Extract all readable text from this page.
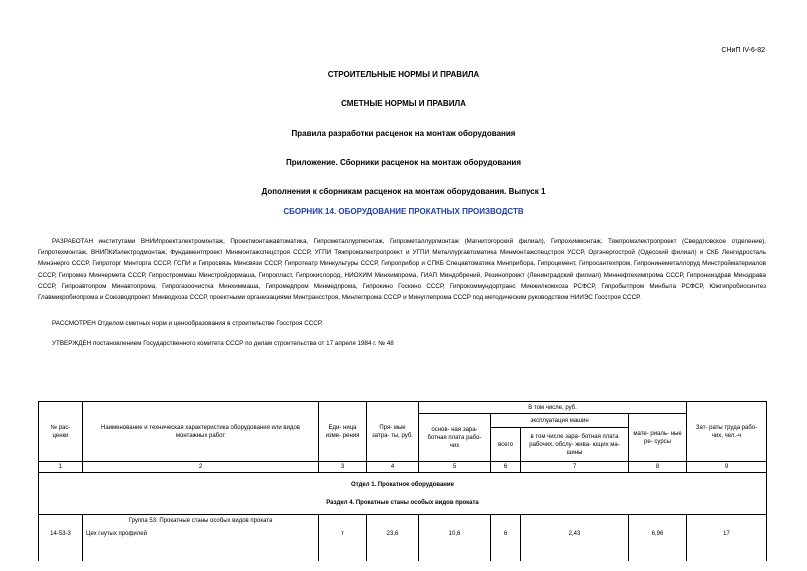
СНиП IV-6-82
СТРОИТЕЛЬНЫЕ НОРМЫ И ПРАВИЛА
СМЕТНЫЕ НОРМЫ И ПРАВИЛА
Правила разработки расценок на монтаж оборудования
Приложение. Сборники расценок на монтаж оборудования
Дополнения к сборникам расценок на монтаж оборудования. Выпуск 1
СБОРНИК 14. ОБОРУДОВАНИЕ ПРОКАТНЫХ ПРОИЗВОДСТВ
РАЗРАБОТАН институтами ВНИИпроектэлектромонтаж, Проектмонтажавтоматика, Гипрометаллургмонтаж, Гипрометаллургмонтаж (Магнитогорский филиал), Гипрохиммонтаж, Тяжпромэлектропроект (Свердловское отделение), Гипротехмонтаж, ВНИПКИэлектродмонтаж, Фундаментпроект Минмонтажспецстроя СССР, УГПИ Тяжпромэлектропроект и УГПИ Металлургавтоматика Минмонтажспецстроя УССР, Оргэнергострой (Одесский филиал) и СКБ Ленгидросталь Минэнерго СССР, Гипроторг Минторга СССР, ГСПИ и Гипросвязь Минсвязи СССР, Гипротеатр Минкультуры СССР, Гипроприбор и СПКБ Спецавтоматика Минприбора, Гипроцемент, Гипросантехпром, Гипронинеметаллоруд Минстройматериалов СССР, Гипромез Минчермета СССР, Гипростроммаш Минстройдормаша, Гипропласт, Гипрокислород, НИОХИМ Минхимпрома, ГИАП Миндобрений, Резинопроект (Ленинградский филиал) Миннефтехимпрома СССР, Гипронииздрав Минздрава СССР, Гипроавтопром Минавтопрома, Гипрогазоочистка Минхиммаша, Гипромедпром Минмедпрома, Гипрокино Госкино СССР, Гипрокоммундортранс Минжилкомхоза РСФСР, Гипробытпром Минбыта РСФСР, Южгипробиосинтез Главмикробиопрома и Союзводпроект Минводхоза СССР, проектными организациями Минтрансстроя, Минлегпрома СССР и Минуглепрома СССР под методическим руководством НИИЭС Госстроя СССР.
РАССМОТРЕН Отделом сметных норм и ценообразования в строительстве Госстроя СССР.
УТВЕРЖДЕН постановлением Государственного комитета СССР по делам строительства от 17 апреля 1984 г. № 48
№ рас- ценки	Наименование и техническая характеристика оборудования или видов монтажных работ	Еди- ница изме- рения	Пря- мые затра- ты, руб.	В том числе, руб.				Зат- раты труда рабо- чих, чел.-ч
				основ- ная зара- ботная плата рабо- чих	эксплуатация машин		мате- риаль- ные ре- сурсы	
					всего	в том числе зара- ботная плата рабочих, обслу- жива- ющих ма- шины		
1	2	3	4	5	6	7	8	9

Отдел 1. Прокатное оборудование
Раздел 4. Прокатные станы особых видов проката								

	Группа 53. Прокатные станы особых видов проката							
14-53-3	Цех гнутых профилей	т	23,6	10,6	6	2,43	6,96	17
